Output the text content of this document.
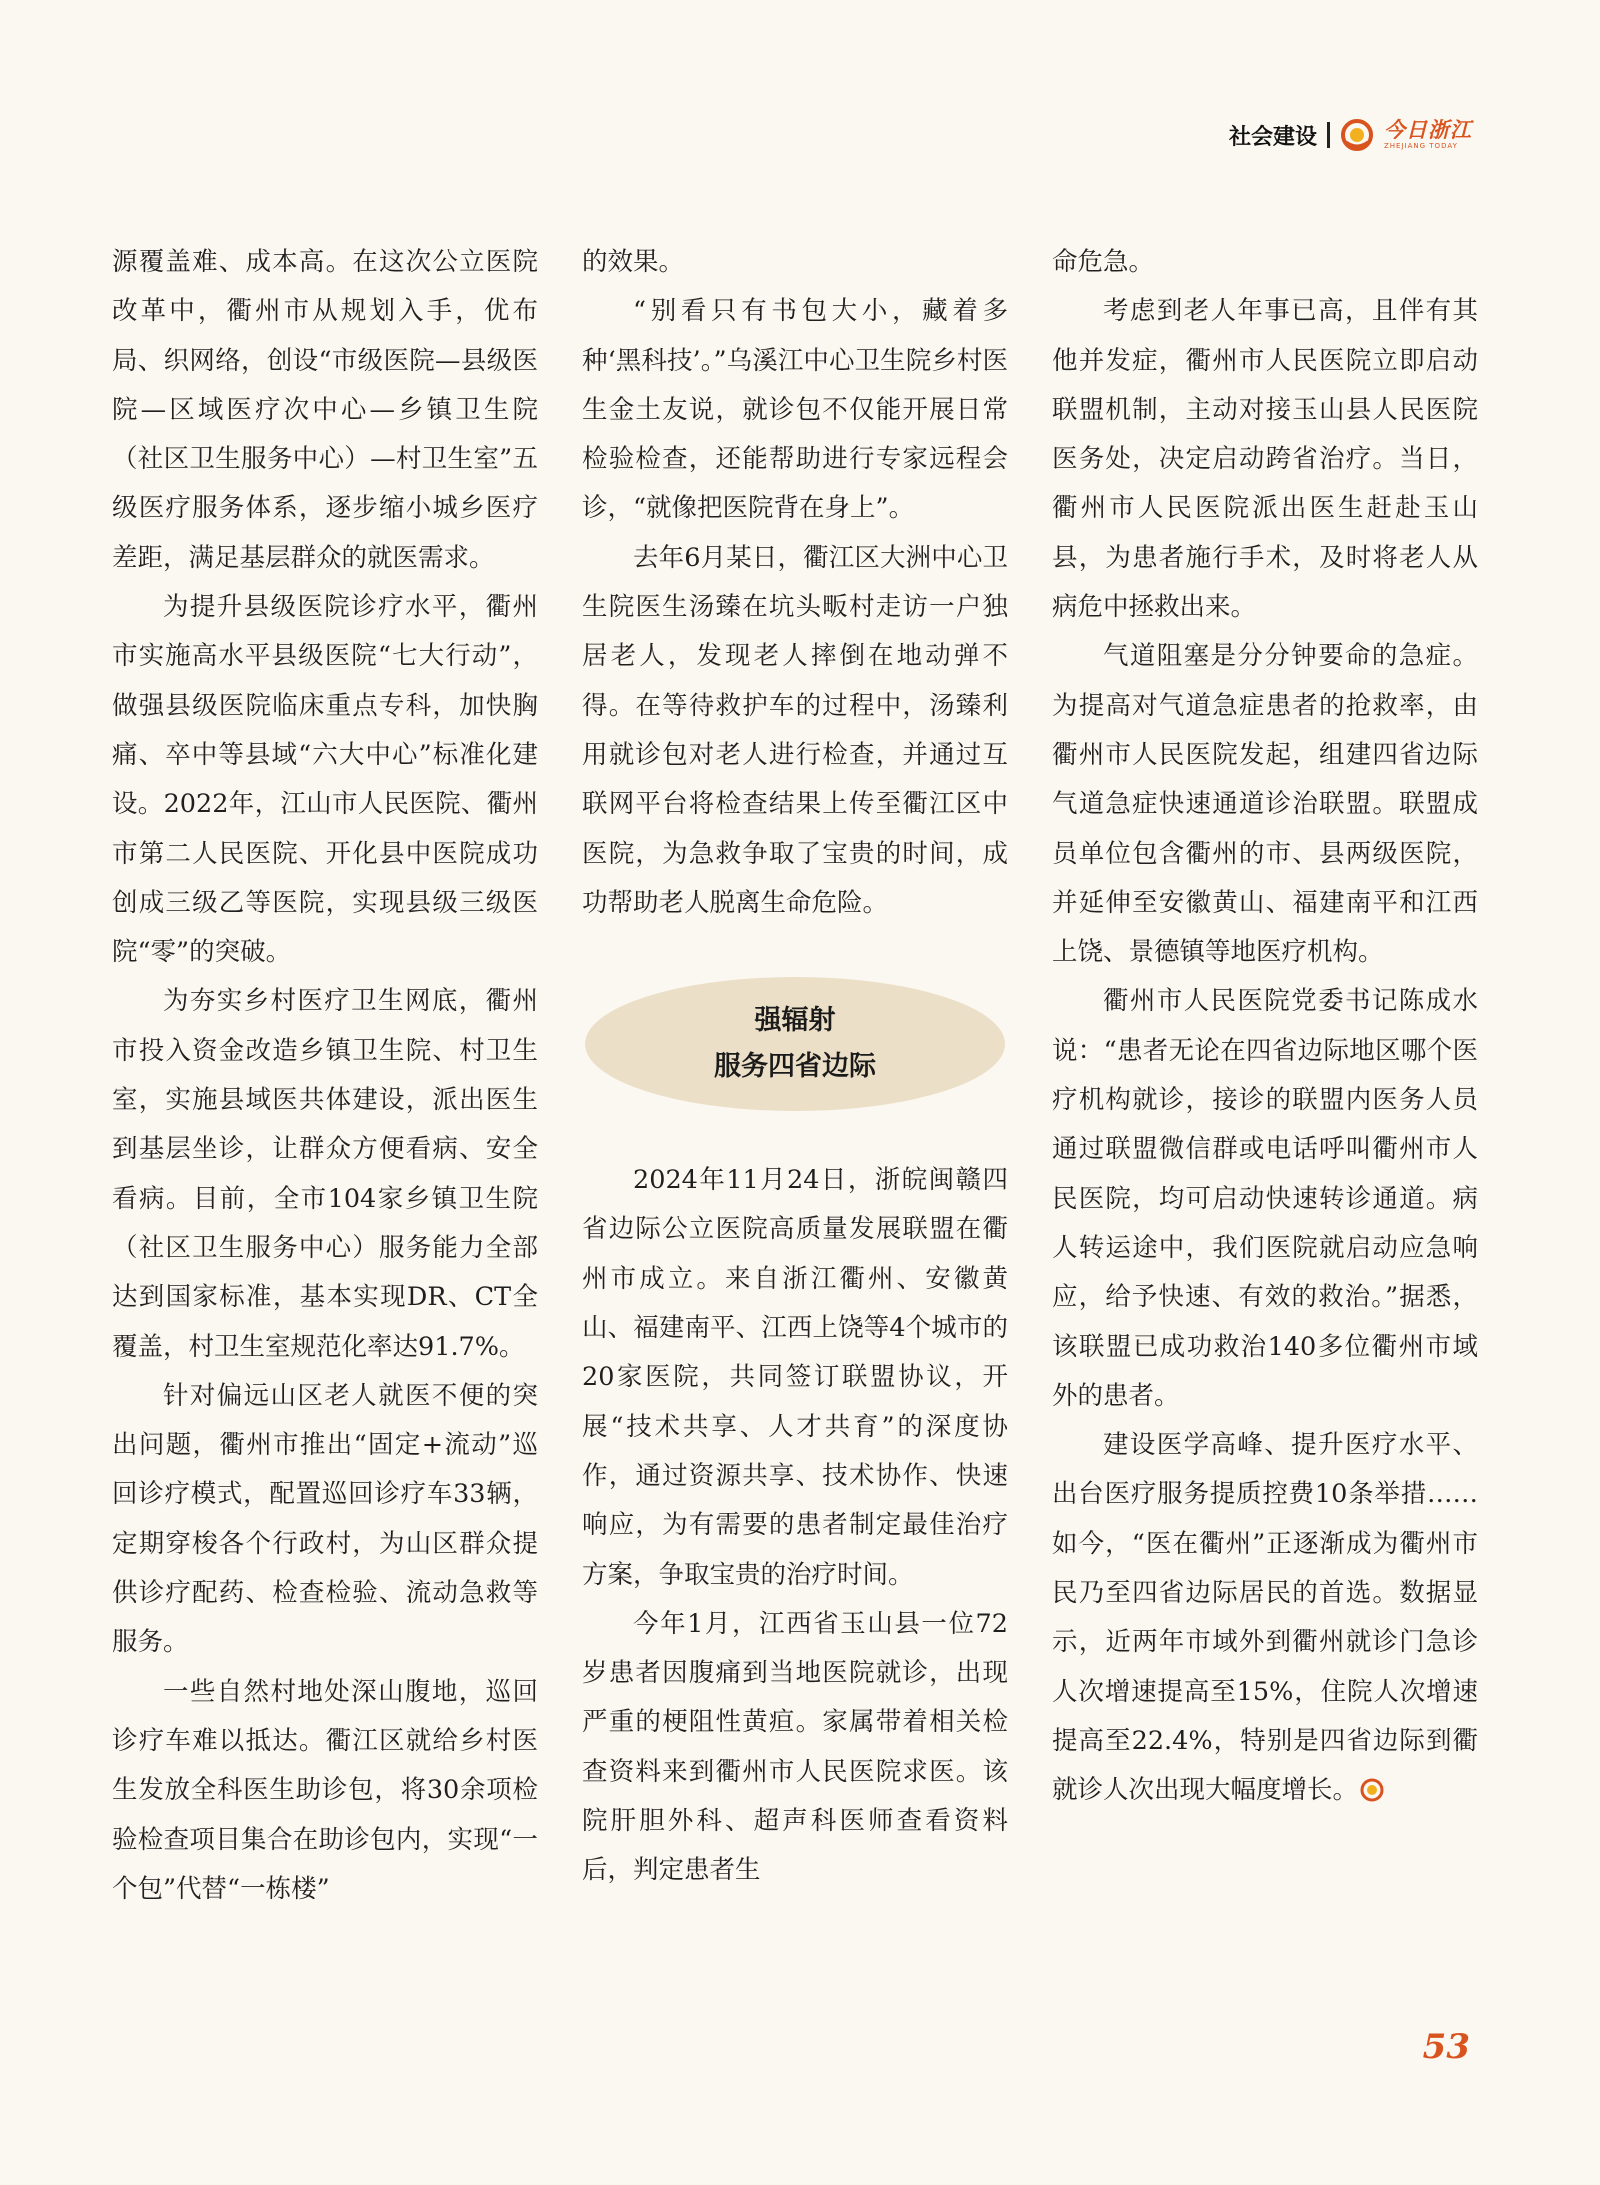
社会建设	今日浙江
ZHEJIANG TODAY

源覆盖难、成本高。在这次公立医院改革中，衢州市从规划入手，优布局、织网络，创设“市级医院—县级医院—区域医疗次中心—乡镇卫生院（社区卫生服务中心）—村卫生室”五级医疗服务体系，逐步缩小城乡医疗差距，满足基层群众的就医需求。

为提升县级医院诊疗水平，衢州市实施高水平县级医院“七大行动”，做强县级医院临床重点专科，加快胸痛、卒中等县域“六大中心”标准化建设。2022年，江山市人民医院、衢州市第二人民医院、开化县中医院成功创成三级乙等医院，实现县级三级医院“零”的突破。

为夯实乡村医疗卫生网底，衢州市投入资金改造乡镇卫生院、村卫生室，实施县域医共体建设，派出医生到基层坐诊，让群众方便看病、安全看病。目前，全市104家乡镇卫生院（社区卫生服务中心）服务能力全部达到国家标准，基本实现DR、CT全覆盖，村卫生室规范化率达91.7%。

针对偏远山区老人就医不便的突出问题，衢州市推出“固定+流动”巡回诊疗模式，配置巡回诊疗车33辆，定期穿梭各个行政村，为山区群众提供诊疗配药、检查检验、流动急救等服务。

一些自然村地处深山腹地，巡回诊疗车难以抵达。衢江区就给乡村医生发放全科医生助诊包，将30余项检验检查项目集合在助诊包内，实现“一个包”代替“一栋楼”

的效果。

“别看只有书包大小，藏着多种‘黑科技’。”乌溪江中心卫生院乡村医生金土友说，就诊包不仅能开展日常检验检查，还能帮助进行专家远程会诊，“就像把医院背在身上”。

去年6月某日，衢江区大洲中心卫生院医生汤臻在坑头畈村走访一户独居老人，发现老人摔倒在地动弹不得。在等待救护车的过程中，汤臻利用就诊包对老人进行检查，并通过互联网平台将检查结果上传至衢江区中医院，为急救争取了宝贵的时间，成功帮助老人脱离生命危险。

强辐射
服务四省边际

2024年11月24日，浙皖闽赣四省边际公立医院高质量发展联盟在衢州市成立。来自浙江衢州、安徽黄山、福建南平、江西上饶等4个城市的20家医院，共同签订联盟协议，开展“技术共享、人才共育”的深度协作，通过资源共享、技术协作、快速响应，为有需要的患者制定最佳治疗方案，争取宝贵的治疗时间。

今年1月，江西省玉山县一位72岁患者因腹痛到当地医院就诊，出现严重的梗阻性黄疸。家属带着相关检查资料来到衢州市人民医院求医。该院肝胆外科、超声科医师查看资料后，判定患者生

命危急。

考虑到老人年事已高，且伴有其他并发症，衢州市人民医院立即启动联盟机制，主动对接玉山县人民医院医务处，决定启动跨省治疗。当日，衢州市人民医院派出医生赶赴玉山县，为患者施行手术，及时将老人从病危中拯救出来。

气道阻塞是分分钟要命的急症。为提高对气道急症患者的抢救率，由衢州市人民医院发起，组建四省边际气道急症快速通道诊治联盟。联盟成员单位包含衢州的市、县两级医院，并延伸至安徽黄山、福建南平和江西上饶、景德镇等地医疗机构。

衢州市人民医院党委书记陈成水说：“患者无论在四省边际地区哪个医疗机构就诊，接诊的联盟内医务人员通过联盟微信群或电话呼叫衢州市人民医院，均可启动快速转诊通道。病人转运途中，我们医院就启动应急响应，给予快速、有效的救治。”据悉，该联盟已成功救治140多位衢州市域外的患者。

建设医学高峰、提升医疗水平、出台医疗服务提质控费10条举措……如今，“医在衢州”正逐渐成为衢州市民乃至四省边际居民的首选。数据显示，近两年市域外到衢州就诊门急诊人次增速提高至15%，住院人次增速提高至22.4%，特别是四省边际到衢就诊人次出现大幅度增长。

53
